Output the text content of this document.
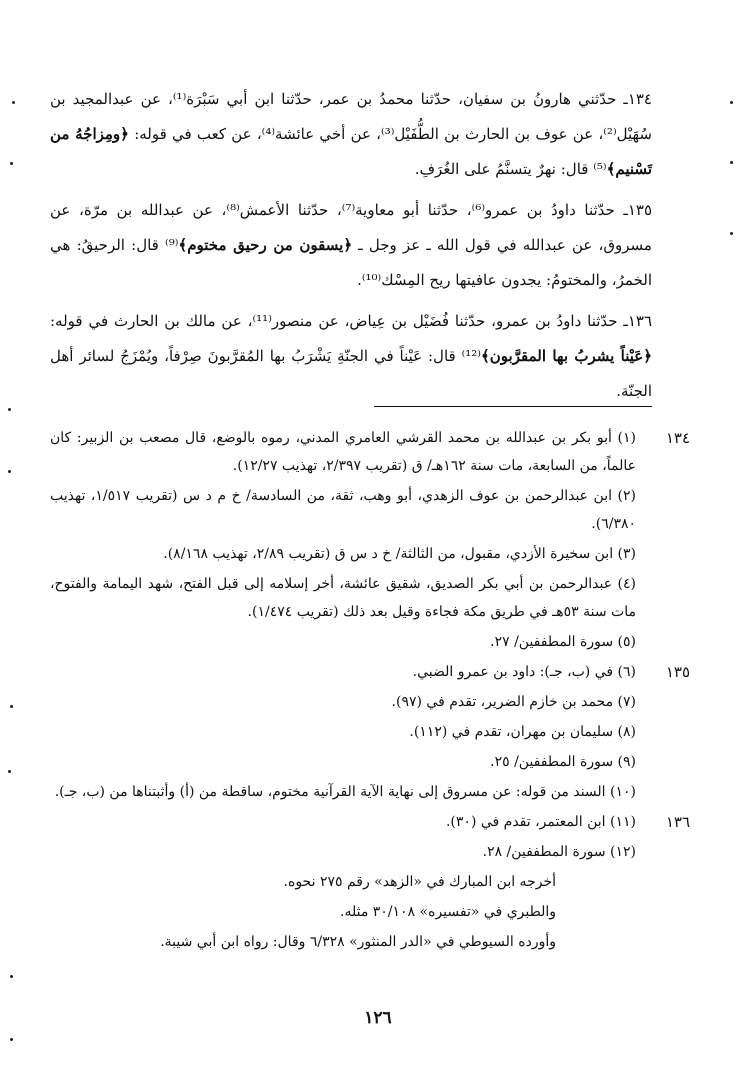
١٣٤ـ حدّثني هارونُ بن سفيان، حدّثنا محمدُ بن عمر، حدّثنا ابن أبي سَبْرَة⁽¹⁾، عن عبدالمجيد بن سُهَيْل⁽²⁾، عن عوف بن الحارث بن الطُّفَيْل⁽³⁾، عن أخي عائشة⁽⁴⁾، عن كعب في قوله: ﴿ومِزاجُهُ من تَسْنيم﴾⁽⁵⁾ قال: نهرٌ يتسنَّمُ على الغُرَفِ.

١٣٥ـ حدّثنا داودُ بن عمرو⁽⁶⁾، حدّثنا أبو معاوية⁽⁷⁾، حدّثنا الأعمش⁽⁸⁾، عن عبدالله بن مرّة، عن مسروق، عن عبدالله في قول الله ـ عز وجل ـ ﴿يسقون من رحيق مختوم﴾⁽⁹⁾ قال: الرحيقُ: هي الخمرُ، والمختومُ: يجدون عافيتها ريح المِسْك⁽¹⁰⁾.

١٣٦ـ حدّثنا داودُ بن عمرو، حدّثنا فُضَيْل بن عِياض، عن منصور⁽¹¹⁾، عن مالك بن الحارث في قوله: ﴿عَيْناً يشربُ بها المقرَّبون﴾⁽¹²⁾ قال: عَيْناً في الجنّةِ يَشْرَبُ بها المُقرَّبونَ صِرْفاً، ويُمْزَجُ لسائر أهل الجنّة.

١٣٤

(١) أبو بكر بن عبدالله بن محمد القرشي العامري المدني، رموه بالوضع، قال مصعب بن الزبير: كان عالماً، من السابعة، مات سنة ١٦٢هـ/ ق (تقريب ٢/٣٩٧، تهذيب ١٢/٢٧).

(٢) ابن عبدالرحمن بن عوف الزهدي، أبو وهب، ثقة، من السادسة/ خ م د س (تقريب ١/٥١٧، تهذيب ٦/٣٨٠).

(٣) ابن سخيرة الأزدي، مقبول، من الثالثة/ خ د س ق (تقريب ٢/٨٩، تهذيب ٨/١٦٨).

(٤) عبدالرحمن بن أبي بكر الصديق، شقيق عائشة، أخر إسلامه إلى قبل الفتح، شهد اليمامة والفتوح، مات سنة ٥٣هـ في طريق مكة فجاءة وقيل بعد ذلك (تقريب ١/٤٧٤).

(٥) سورة المطففين/ ٢٧.

١٣٥

(٦) في (ب، جـ): داود بن عمرو الضبي.

(٧) محمد بن خازم الضرير، تقدم في (٩٧).

(٨) سليمان بن مهران، تقدم في (١١٢).

(٩) سورة المطففين/ ٢٥.

(١٠) السند من قوله: عن مسروق إلى نهاية الآية القرآنية مختوم، ساقطة من (أ) وأثبتناها من (ب، جـ).

١٣٦

(١١) ابن المعتمر، تقدم في (٣٠).

(١٢) سورة المطففين/ ٢٨.

أخرجه ابن المبارك في «الزهد» رقم ٢٧٥ نحوه.

والطبري في «تفسيره» ٣٠/١٠٨ مثله.

وأورده السيوطي في «الدر المنثور» ٦/٣٢٨ وقال: رواه ابن أبي شيبة.

١٢٦
